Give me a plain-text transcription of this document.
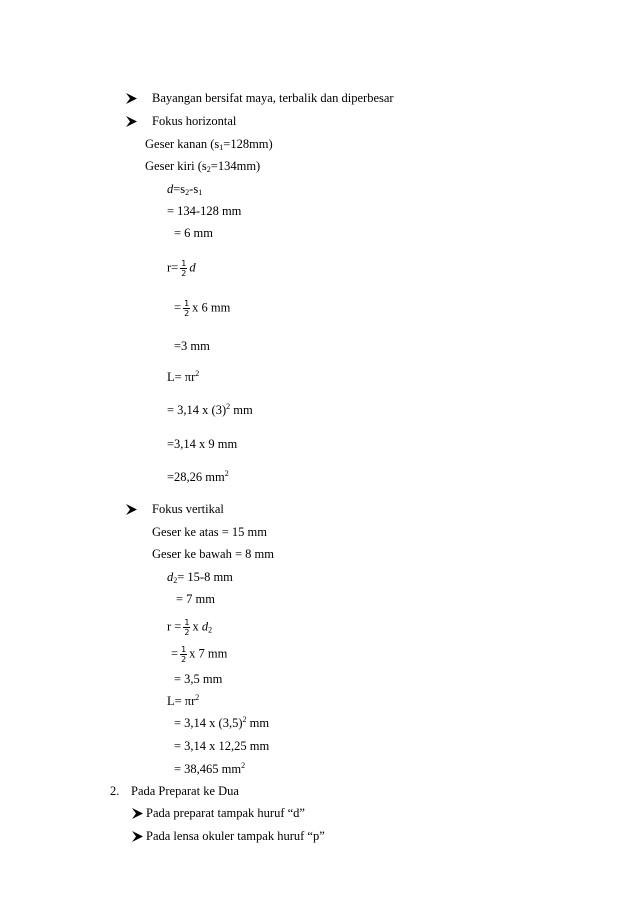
Bayangan bersifat maya, terbalik dan diperbesar
Fokus horizontal
Geser kanan $(s_1=128mm)$
Geser kiri $(s_2=134mm)$
$d=s_2-s_1$
= 134-128 mm
= 6 mm
$r= \frac{1}{2}$ d
= $\frac{1}{2}$ x 6 mm
=3 mm
$L= \pi r^2$
= 3,14 x $(3)^2$ mm
=3,14 x 9 mm
=28,26 $mm^2$
Fokus vertikal
Geser ke atas = 15 mm
Geser ke bawah = 8 mm
$d_2= 15-8$ mm
= 7 mm
$r = \frac{1}{2}$ x $d_2$
= $\frac{1}{2}$ x 7 mm
= 3,5 mm
$L= \pi r^2$
= 3,14 x $(3,5)^2$ mm
= 3,14 x 12,25 mm
= 38,465 $mm^2$
2. Pada Preparat ke Dua
Pada preparat tampak huruf “d”
Pada lensa okuler tampak huruf “p”
